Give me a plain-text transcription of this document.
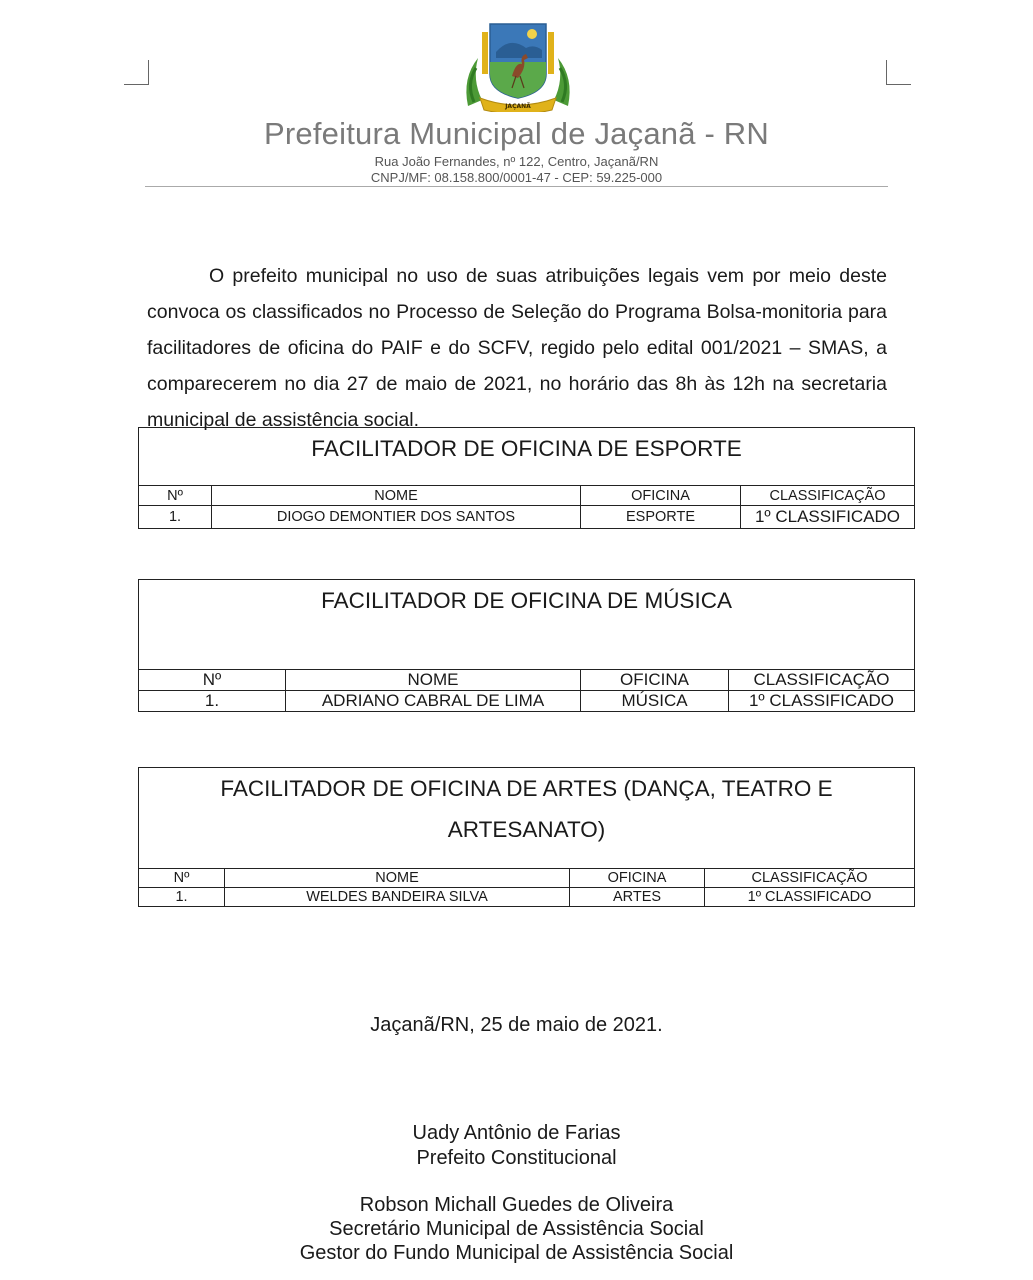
JAÇANÃ
Prefeitura Municipal de Jaçanã - RN
Rua João Fernandes, nº 122, Centro, Jaçanã/RN
CNPJ/MF: 08.158.800/0001-47 - CEP: 59.225-000

O prefeito municipal no uso de suas atribuições legais vem por meio deste convoca os classificados no Processo de Seleção do Programa Bolsa-monitoria para facilitadores de oficina do PAIF e do SCFV, regido pelo edital 001/2021 – SMAS, a comparecerem no dia 27 de maio de 2021, no horário das 8h às 12h na secretaria municipal de assistência social.

FACILITADOR DE OFICINA DE ESPORTE			
Nº	NOME	OFICINA	CLASSIFICAÇÃO
1.	DIOGO DEMONTIER DOS SANTOS	ESPORTE	1º CLASSIFICADO
FACILITADOR DE OFICINA DE MÚSICA			
Nº	NOME	OFICINA	CLASSIFICAÇÃO
1.	ADRIANO CABRAL DE LIMA	MÚSICA	1º CLASSIFICADO
FACILITADOR DE OFICINA DE ARTES (DANÇA, TEATRO E ARTESANATO)			
Nº	NOME	OFICINA	CLASSIFICAÇÃO
1.	WELDES BANDEIRA SILVA	ARTES	1º CLASSIFICADO
Jaçanã/RN, 25 de maio de 2021.
Uady Antônio de Farias
Prefeito Constitucional
Robson Michall Guedes de Oliveira
Secretário Municipal de Assistência Social
Gestor do Fundo Municipal de Assistência Social
